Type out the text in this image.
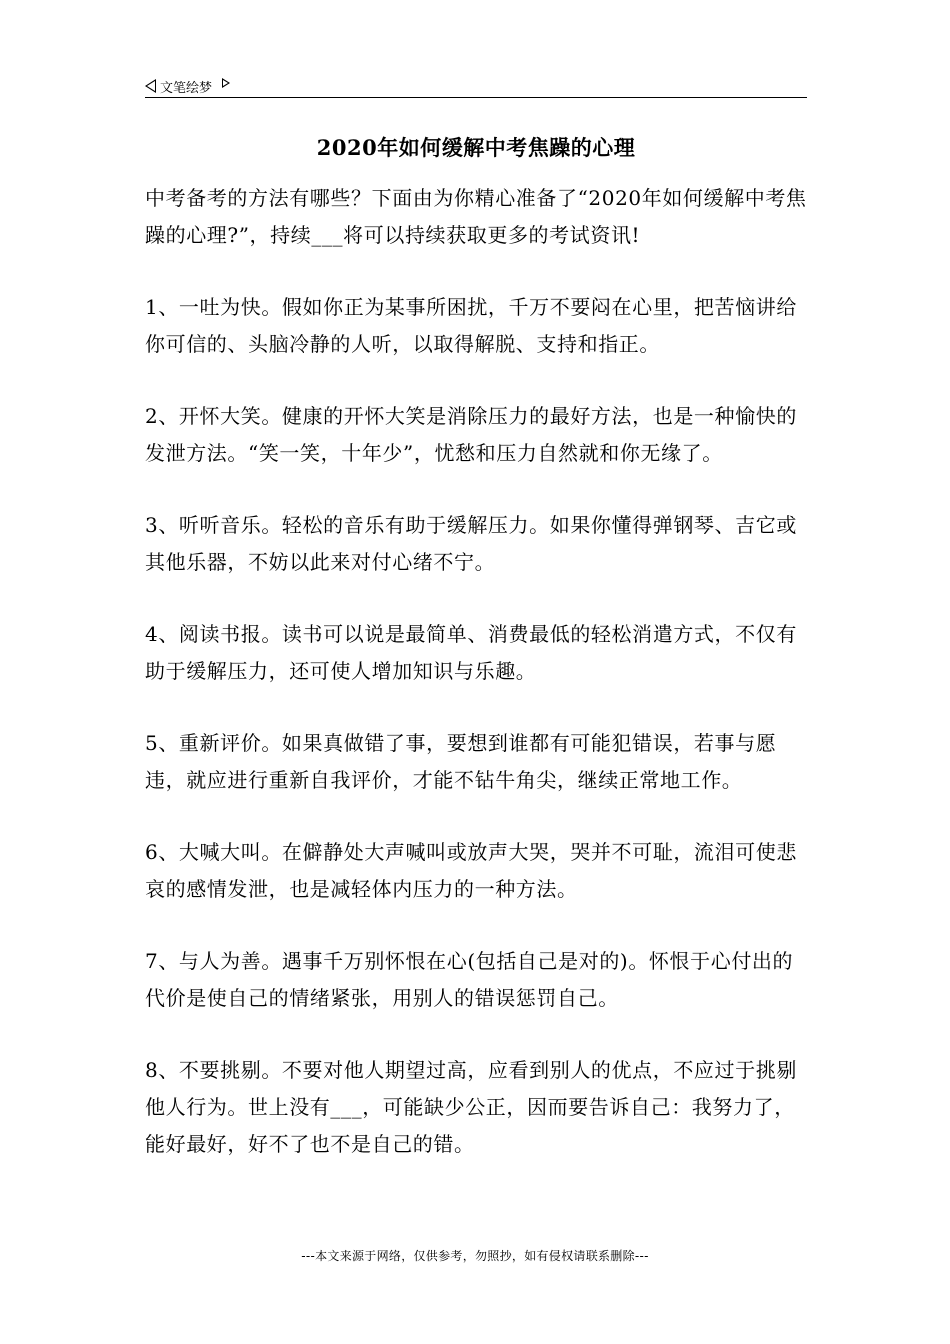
文笔绘梦
2020年如何缓解中考焦躁的心理

中考备考的方法有哪些？下面由为你精心准备了“2020年如何缓解中考焦躁的心理?”，持续___将可以持续获取更多的考试资讯!

1、一吐为快。假如你正为某事所困扰，千万不要闷在心里，把苦恼讲给你可信的、头脑冷静的人听，以取得解脱、支持和指正。

2、开怀大笑。健康的开怀大笑是消除压力的最好方法，也是一种愉快的发泄方法。“笑一笑，十年少”，忧愁和压力自然就和你无缘了。

3、听听音乐。轻松的音乐有助于缓解压力。如果你懂得弹钢琴、吉它或其他乐器，不妨以此来对付心绪不宁。

4、阅读书报。读书可以说是最简单、消费最低的轻松消遣方式，不仅有助于缓解压力，还可使人增加知识与乐趣。

5、重新评价。如果真做错了事，要想到谁都有可能犯错误，若事与愿违，就应进行重新自我评价，才能不钻牛角尖，继续正常地工作。

6、大喊大叫。在僻静处大声喊叫或放声大哭，哭并不可耻，流泪可使悲哀的感情发泄，也是减轻体内压力的一种方法。

7、与人为善。遇事千万别怀恨在心(包括自己是对的)。怀恨于心付出的代价是使自己的情绪紧张，用别人的错误惩罚自己。

8、不要挑剔。不要对他人期望过高，应看到别人的优点，不应过于挑剔他人行为。世上没有___，可能缺少公正，因而要告诉自己：我努力了，能好最好，好不了也不是自己的错。

---本文来源于网络，仅供参考，勿照抄，如有侵权请联系删除---
